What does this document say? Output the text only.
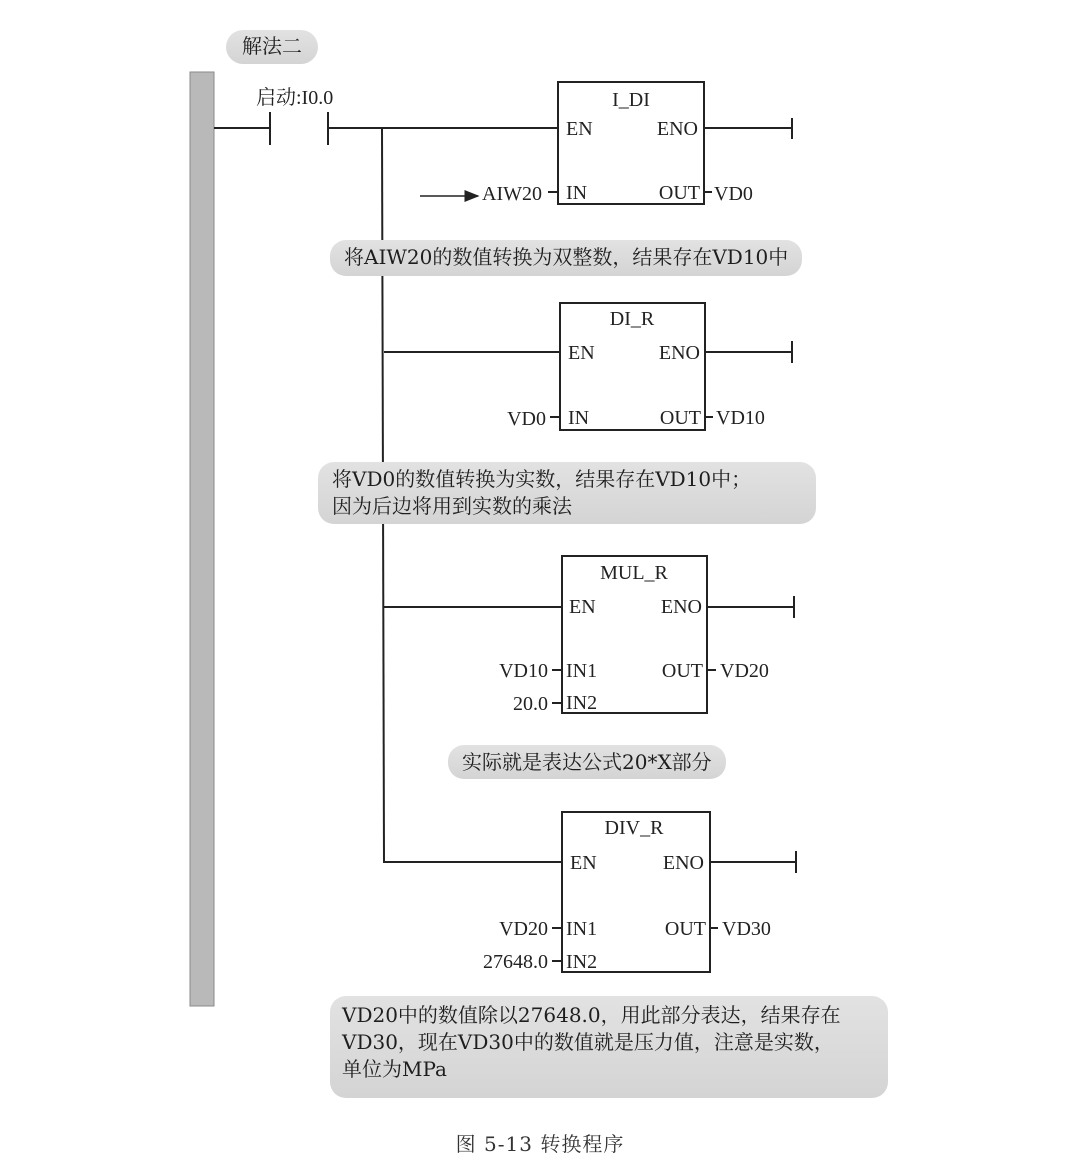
解法二
启动:I0.0	I_DI
EN	ENO
IN	OUT
AIW20	VD0
DI_R
EN	ENO
IN	OUT
VD0	VD10
MUL_R
EN	ENO
IN1
IN2
OUT
VD10
20.0
VD20
DIV_R
EN	ENO
IN1
IN2
OUT
VD20
27648.0
VD30
将AIW20的数值转换为双整数，结果存在VD10中
将VD0的数值转换为实数，结果存在VD10中；
因为后边将用到实数的乘法
实际就是表达公式20*X部分
VD20中的数值除以27648.0，用此部分表达，结果存在
VD30，现在VD30中的数值就是压力值，注意是实数，
单位为MPa
图 5-13 转换程序
